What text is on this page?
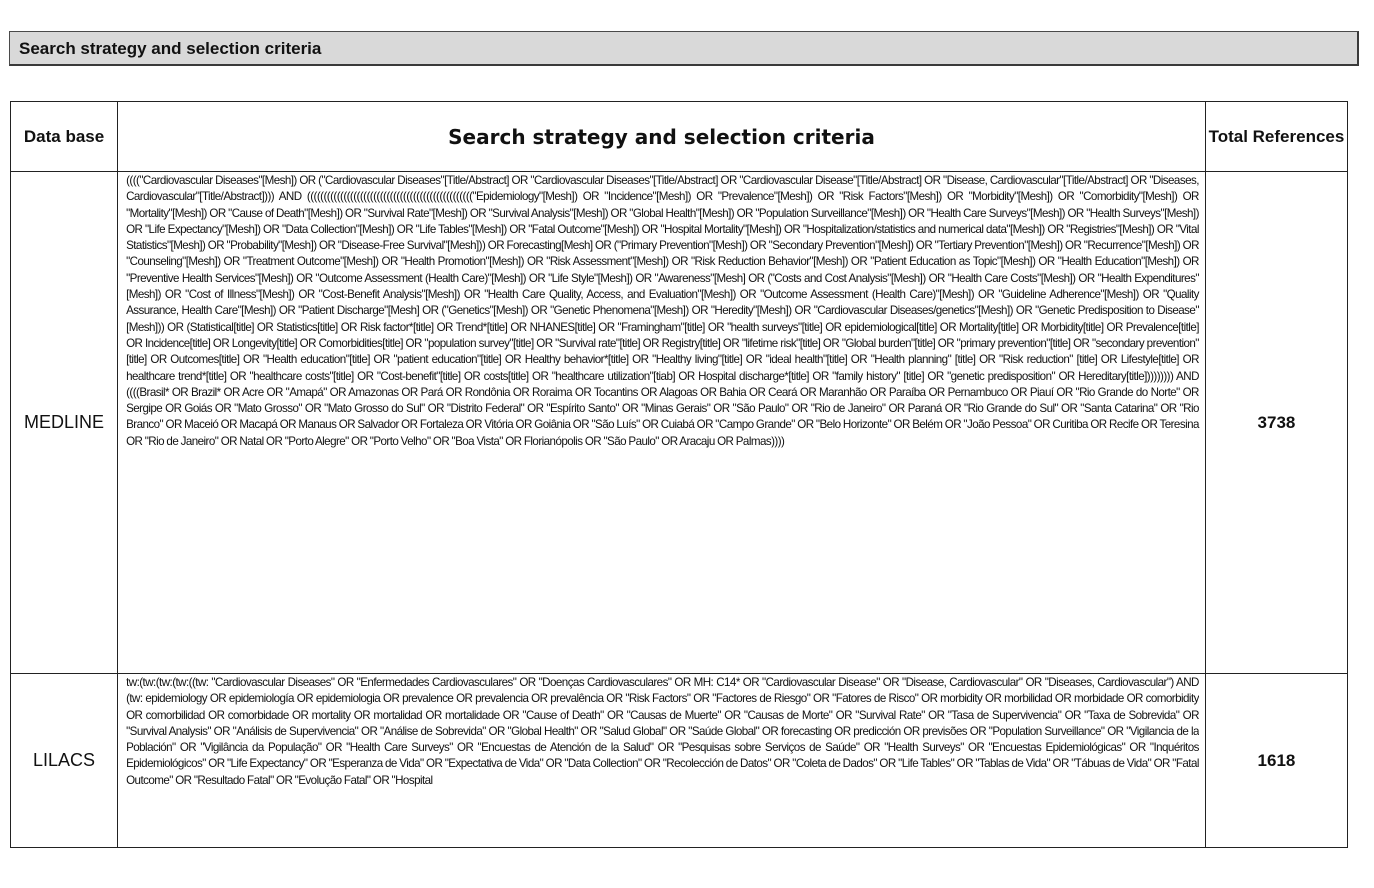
Search strategy and selection criteria
Data base	Search strategy and selection criteria	Total References
MEDLINE	(((("Cardiovascular Diseases"[Mesh]) OR ("Cardiovascular Diseases"[Title/Abstract] OR "Cardiovascular Diseases"[Title/Abstract] OR "Cardiovascular Disease"[Title/Abstract] OR "Disease, Cardiovascular"[Title/Abstract] OR "Diseases, Cardiovascular"[Title/Abstract]))) AND (((((((((((((((((((((((((((((((((((((((((((((((((("Epidemiology"[Mesh]) OR "Incidence"[Mesh]) OR "Prevalence"[Mesh]) OR "Risk Factors"[Mesh]) OR "Morbidity"[Mesh]) OR "Comorbidity"[Mesh]) OR "Mortality"[Mesh]) OR "Cause of Death"[Mesh]) OR "Survival Rate"[Mesh]) OR "Survival Analysis"[Mesh]) OR "Global Health"[Mesh]) OR "Population Surveillance"[Mesh]) OR "Health Care Surveys"[Mesh]) OR "Health Surveys"[Mesh]) OR "Life Expectancy"[Mesh]) OR "Data Collection"[Mesh]) OR "Life Tables"[Mesh]) OR "Fatal Outcome"[Mesh]) OR "Hospital Mortality"[Mesh]) OR "Hospitalization/statistics and numerical data"[Mesh]) OR "Registries"[Mesh]) OR "Vital Statistics"[Mesh]) OR "Probability"[Mesh]) OR "Disease-Free Survival"[Mesh])) OR Forecasting[Mesh] OR ("Primary Prevention"[Mesh]) OR "Secondary Prevention"[Mesh]) OR "Tertiary Prevention"[Mesh]) OR "Recurrence"[Mesh]) OR "Counseling"[Mesh]) OR "Treatment Outcome"[Mesh]) OR "Health Promotion"[Mesh]) OR "Risk Assessment"[Mesh]) OR "Risk Reduction Behavior"[Mesh]) OR "Patient Education as Topic"[Mesh]) OR "Health Education"[Mesh]) OR "Preventive Health Services"[Mesh]) OR "Outcome Assessment (Health Care)"[Mesh]) OR "Life Style"[Mesh]) OR "Awareness"[Mesh] OR ("Costs and Cost Analysis"[Mesh]) OR "Health Care Costs"[Mesh]) OR "Health Expenditures"[Mesh]) OR "Cost of Illness"[Mesh]) OR "Cost-Benefit Analysis"[Mesh]) OR "Health Care Quality, Access, and Evaluation"[Mesh]) OR "Outcome Assessment (Health Care)"[Mesh]) OR "Guideline Adherence"[Mesh]) OR "Quality Assurance, Health Care"[Mesh]) OR "Patient Discharge"[Mesh] OR ("Genetics"[Mesh]) OR "Genetic Phenomena"[Mesh]) OR "Heredity"[Mesh]) OR "Cardiovascular Diseases/genetics"[Mesh]) OR "Genetic Predisposition to Disease"[Mesh])) OR (Statistical[title] OR Statistics[title] OR Risk factor*[title] OR Trend*[title] OR NHANES[title] OR "Framingham"[title] OR "health surveys"[title] OR epidemiological[title] OR Mortality[title] OR Morbidity[title] OR Prevalence[title] OR Incidence[title] OR Longevity[title] OR Comorbidities[title] OR "population survey"[title] OR "Survival rate"[title] OR Registry[title] OR "lifetime risk"[title] OR "Global burden"[title] OR "primary prevention"[title] OR "secondary prevention"[title] OR Outcomes[title] OR "Health education"[title] OR "patient education"[title] OR Healthy behavior*[title] OR "Healthy living"[title] OR "ideal health"[title] OR "Health planning" [title] OR "Risk reduction" [title] OR Lifestyle[title] OR healthcare trend*[title] OR "healthcare costs"[title] OR "Cost-benefit"[title] OR costs[title] OR "healthcare utilization"[tiab] OR Hospital discharge*[title] OR "family history" [title] OR "genetic predisposition" OR Hereditary[title])))))))) AND ((((Brasil* OR Brazil* OR Acre OR "Amapá" OR Amazonas OR Pará OR Rondônia OR Roraima OR Tocantins OR Alagoas OR Bahia OR Ceará OR Maranhão OR Paraíba OR Pernambuco OR Piauí OR "Rio Grande do Norte" OR Sergipe OR Goiás OR "Mato Grosso" OR "Mato Grosso do Sul" OR "Distrito Federal" OR "Espírito Santo" OR "Minas Gerais" OR "São Paulo" OR "Rio de Janeiro" OR Paraná OR "Rio Grande do Sul" OR "Santa Catarina" OR "Rio Branco" OR Maceió OR Macapá OR Manaus OR Salvador OR Fortaleza OR Vitória OR Goiânia OR "São Luís" OR Cuiabá OR "Campo Grande" OR "Belo Horizonte" OR Belém OR "João Pessoa" OR Curitiba OR Recife OR Teresina OR "Rio de Janeiro" OR Natal OR "Porto Alegre" OR "Porto Velho" OR "Boa Vista" OR Florianópolis OR "São Paulo" OR Aracaju OR Palmas))))	3738
LILACS	tw:(tw:(tw:(tw:((tw: "Cardiovascular Diseases" OR "Enfermedades Cardiovasculares" OR "Doenças Cardiovasculares" OR MH: C14* OR "Cardiovascular Disease" OR "Disease, Cardiovascular" OR "Diseases, Cardiovascular") AND (tw: epidemiology OR epidemiología OR epidemiologia OR prevalence OR prevalencia OR prevalência OR "Risk Factors" OR "Factores de Riesgo" OR "Fatores de Risco" OR morbidity OR morbilidad OR morbidade OR comorbidity OR comorbilidad OR comorbidade OR mortality OR mortalidad OR mortalidade OR "Cause of Death" OR "Causas de Muerte" OR "Causas de Morte" OR "Survival Rate" OR "Tasa de Supervivencia" OR "Taxa de Sobrevida" OR "Survival Analysis" OR "Análisis de Supervivencia" OR "Análise de Sobrevida" OR "Global Health" OR "Salud Global" OR "Saúde Global" OR forecasting OR predicción OR previsões OR "Population Surveillance" OR "Vigilancia de la Población" OR "Vigilância da População" OR "Health Care Surveys" OR "Encuestas de Atención de la Salud" OR "Pesquisas sobre Serviços de Saúde" OR "Health Surveys" OR "Encuestas Epidemiológicas" OR "Inquéritos Epidemiológicos" OR "Life Expectancy" OR "Esperanza de Vida" OR "Expectativa de Vida" OR "Data Collection" OR "Recolección de Datos" OR "Coleta de Dados" OR "Life Tables" OR "Tablas de Vida" OR "Tábuas de Vida" OR "Fatal Outcome" OR "Resultado Fatal" OR "Evolução Fatal" OR "Hospital	1618
